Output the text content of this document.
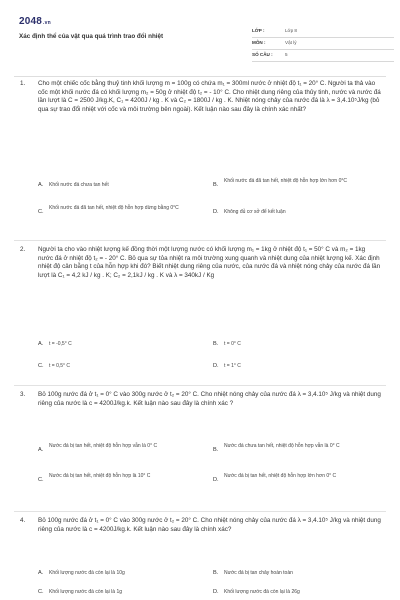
2048.vn
Xác định thể của vật qua quá trình trao đổi nhiệt
LỚP :	Lớp 8
MÔN :	Vật lý
SỐ CÂU :	5
1. Cho một chiếc cốc bằng thuỷ tinh khối lượng m = 100g có chứa m₁ = 300ml nước ở nhiệt độ t₁ = 20° C. Người ta thả vào cốc một khối nước đá có khối lượng m₂ = 50g ở nhiệt độ t₂ = - 10° C. Cho nhiệt dung riêng của thủy tinh, nước và nước đá lần lượt là C = 2500 J/kg.K, C₁ = 4200J / kg . K và C₂ = 1800J / kg . K. Nhiệt nóng chảy của nước đá là λ = 3,4.10⁵J/kg (bỏ qua sự trao đổi nhiệt với cốc và môi trường bên ngoài). Kết luận nào sau đây là chính xác nhất?
A. Khối nước đá chưa tan hết	B.
Khối nước đá đã tan hết, nhiệt độ hỗn hợp lớn hơn 0°C
C.
Khối nước đá đã tan hết, nhiệt độ hỗn hợp dừng bằng 0°C
D. Không đủ cơ sở để kết luận
2. Người ta cho vào nhiệt lượng kế đồng thời một lượng nước có khối lượng m₁ = 1kg ở nhiệt độ t₁ = 50° C và m₂ = 1kg nước đá ở nhiệt độ t₂ = - 20° C. Bỏ qua sự tỏa nhiệt ra môi trường xung quanh và nhiệt dung của nhiệt lượng kế. Xác định nhiệt độ cân bằng t của hỗn hợp khi đó? Biết nhiệt dung riêng của nước, của nước đá và nhiệt nóng chảy của nước đá lần lượt là C₁ = 4,2 kJ / kg . K; C₂ = 2,1kJ / kg . K và λ = 340kJ / Kg
A. t = -0,5° C	B. t = 0° C
C. t = 0,5° C	D. t = 1° C
3. Bỏ 100g nước đá ở t₁ = 0° C vào 300g nước ở t₂ = 20° C. Cho nhiệt nóng chảy của nước đá λ = 3,4.10⁵ J/kg và nhiệt dung riêng của nước là c = 4200J/kg.k. Kết luận nào sau đây là chính xác ?
A.
Nước đá bị tan hết, nhiệt độ hỗn hợp vẫn là 0° C
B.
Nước đá chưa tan hết, nhiệt độ hỗn hợp vẫn là 0° C
C.
Nước đá bị tan hết, nhiệt độ hỗn hợp là 10° C
D.
Nước đá bị tan hết, nhiệt độ hỗn hợp lớn hơn 0° C
4. Bỏ 100g nước đá ở t₁ = 0° C vào 300g nước ở t₂ = 20° C. Cho nhiệt nóng chảy của nước đá λ = 3,4.10⁵ J/kg và nhiệt dung riêng của nước là c = 4200J/kg.k. Kết luận nào sau đây là chính xác?
A. Khối lượng nước đá còn lại là 10g	B. Nước đá bị tan chảy hoàn toàn
C. Khối lượng nước đá còn lại là 1g	D. Khối lượng nước đá còn lại là 26g
